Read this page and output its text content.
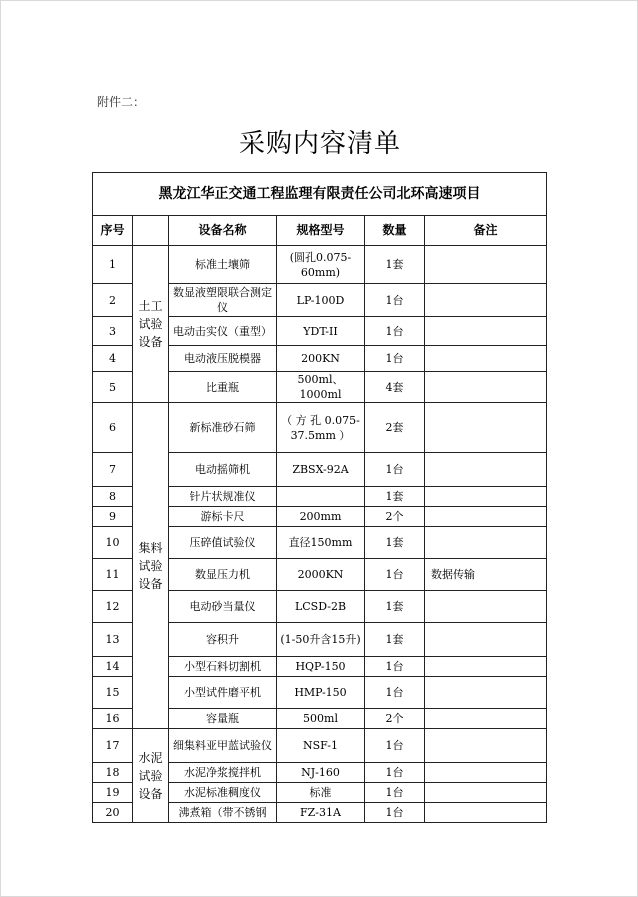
附件二：
采购内容清单
黑龙江华正交通工程监理有限责任公司北环高速项目					
序号		设备名称	规格型号	数量	备注
1	土工试验设备	标准土壤筛	(圆孔0.075-60mm)	1套	
2		数显液塑限联合测定仪	LP-100D	1台	
3		电动击实仪（重型）	YDT-II	1台	
4		电动液压脱模器	200KN	1台	
5		比重瓶	500ml、1000ml	4套	
6	集料试验设备	新标准砂石筛	（ 方 孔 0.075-37.5mm ）	2套	
7		电动摇筛机	ZBSX-92A	1台	
8		针片状规准仪		1套	
9		游标卡尺	200mm	2个	
10		压碎值试验仪	直径150mm	1套	
11		数显压力机	2000KN	1台	数据传输
12		电动砂当量仪	LCSD-2B	1套	
13		容积升	(1-50升含15升)	1套	
14		小型石料切割机	HQP-150	1台	
15		小型试件磨平机	HMP-150	1台	
16		容量瓶	500ml	2个	
17	水泥试验设备	细集料亚甲蓝试验仪	NSF-1	1台	
18		水泥净浆搅拌机	NJ-160	1台	
19		水泥标准稠度仪	标准	1台	
20		沸煮箱（带不锈钢	FZ-31A	1台	
